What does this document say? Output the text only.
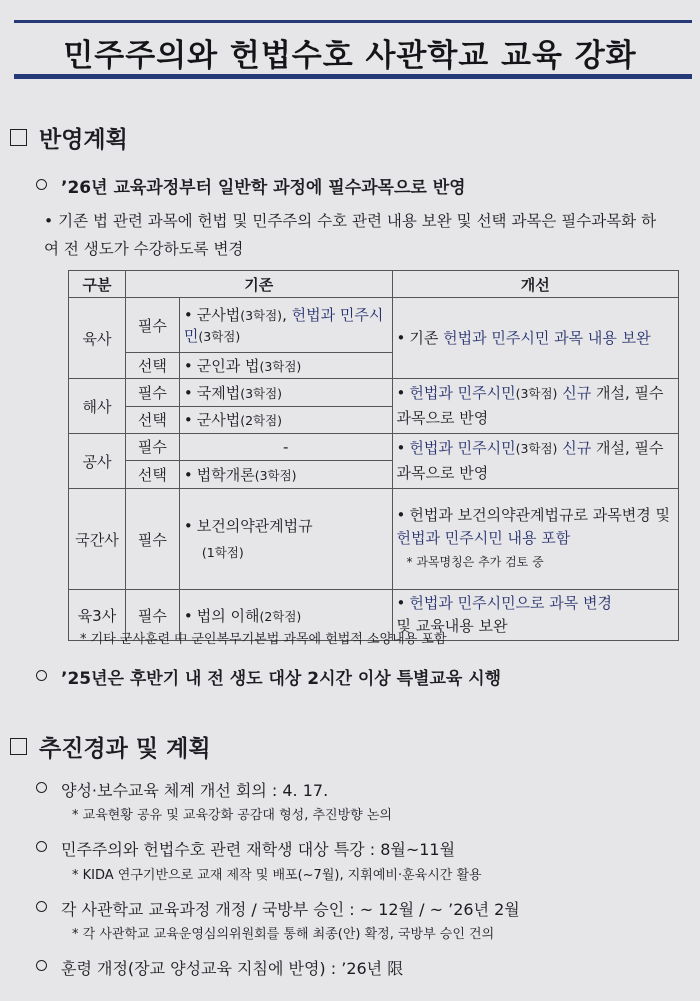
민주주의와 헌법수호 사관학교 교육 강화
반영계획
’26년 교육과정부터 일반학 과정에 필수과목으로 반영
• 기존 법 관련 과목에 헌법 및 민주주의 수호 관련 내용 보완 및 선택 과목은 필수과목화 하여 전 생도가 수강하도록 변경
구분	기존		개선
육사	필수	• 군사법(3학점), 헌법과 민주시민(3학점)	• 기존 헌법과 민주시민 과목 내용 보완
	선택	• 군인과 법(3학점)	
해사	필수	• 국제법(3학점)	• 헌법과 민주시민(3학점) 신규 개설, 필수과목으로 반영
	선택	• 군사법(2학점)	
공사	필수	-	• 헌법과 민주시민(3학점) 신규 개설, 필수과목으로 반영
	선택	• 법학개론(3학점)	
국간사	필수	• 보건의약관계법규
(1학점)	• 헌법과 보건의약관계법규로 과목변경 및 헌법과 민주시민 내용 포함
* 과목명칭은 추가 검토 중
육3사	필수	• 법의 이해(2학점)	• 헌법과 민주시민으로 과목 변경
및 교육내용 보완
* 기타 군사훈련 中 군인복무기본법 과목에 헌법적 소양내용 포함
’25년은 후반기 내 전 생도 대상 2시간 이상 특별교육 시행
추진경과 및 계획
양성·보수교육 체계 개선 회의 : 4. 17.
* 교육현황 공유 및 교육강화 공감대 형성, 추진방향 논의
민주주의와 헌법수호 관련 재학생 대상 특강 : 8월~11월
* KIDA 연구기반으로 교재 제작 및 배포(~7월), 지휘예비·훈육시간 활용
각 사관학교 교육과정 개정 / 국방부 승인 : ~ 12월 / ~ ’26년 2월
* 각 사관학교 교육운영심의위원회를 통해 최종(안) 확정, 국방부 승인 건의
훈령 개정(장교 양성교육 지침에 반영) : ’26년 限
